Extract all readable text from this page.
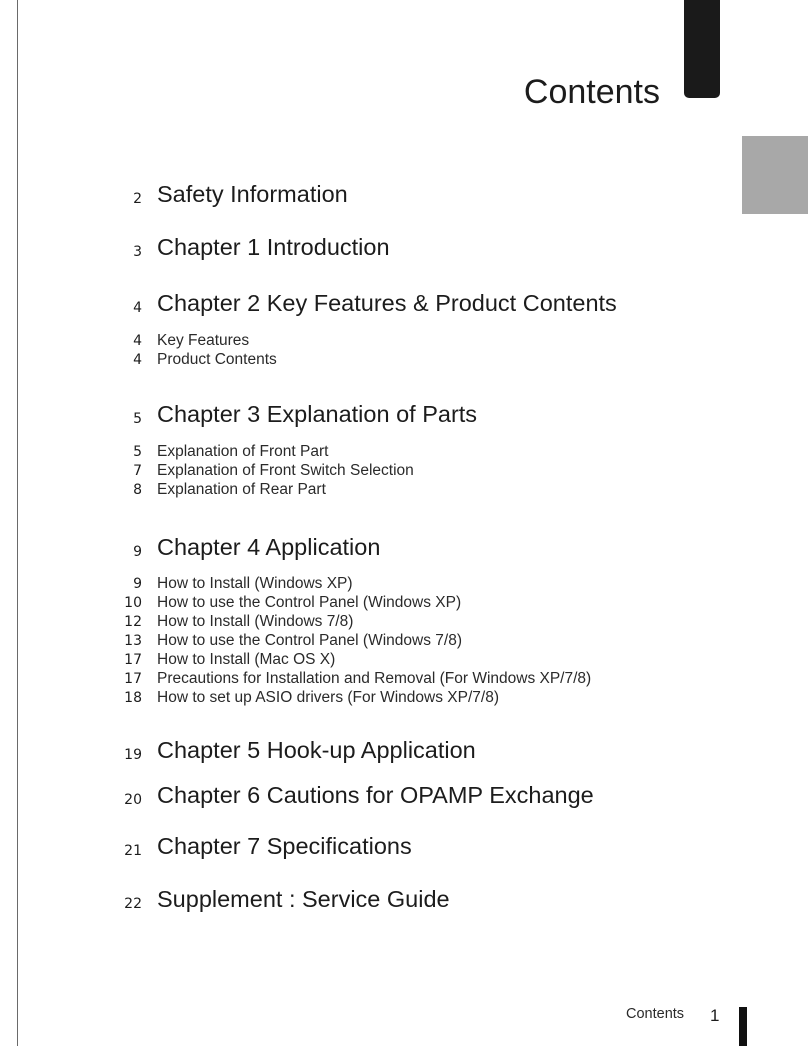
Contents
2 Safety Information
3 Chapter 1 Introduction
4 Chapter 2 Key Features & Product Contents
4 Key Features
4 Product Contents
5 Chapter 3 Explanation of Parts
5 Explanation of Front Part
7 Explanation of Front Switch Selection
8 Explanation of Rear Part
9 Chapter 4 Application
9 How to Install (Windows XP)
10 How to use the Control Panel (Windows XP)
12 How to Install (Windows 7/8)
13 How to use the Control Panel (Windows 7/8)
17 How to Install (Mac OS X)
17 Precautions for Installation and Removal (For Windows XP/7/8)
18 How to set up ASIO drivers (For Windows XP/7/8)
19 Chapter 5 Hook-up Application
20 Chapter 6 Cautions for OPAMP Exchange
21 Chapter 7 Specifications
22 Supplement : Service Guide
Contents 1
